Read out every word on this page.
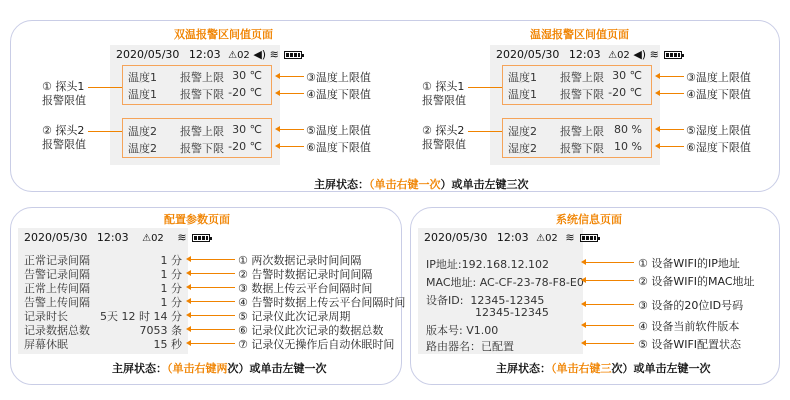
双温报警区间值页面	温湿报警区间值页面
2020/05/30 12:03 ⚠02 ◀) ≋
温度1 报警上限 30 ℃
温度1 报警下限 -20 ℃
温度2 报警上限 30 ℃
温度2 报警下限 -20 ℃
① 探头1
报警限值
② 探头2
报警限值
③温度上限值
④温度下限值
⑤温度上限值
⑥温度下限值
2020/05/30 12:03 ⚠02 ◀) ≋
温度1 报警上限 30 ℃
温度1 报警下限 -20 ℃
湿度2 报警上限 80 %
湿度2 报警下限 10 %
① 探头1
报警限值
② 探头2
报警限值
③温度上限值
④温度下限值
⑤湿度上限值
⑥湿度下限值
主屏状态：（单击右键一次）或单击左键三次
配置参数页面
2020/05/30 12:03 ⚠02 ≋
正常记录间隔	1 分
告警记录间隔	1 分
正常上传间隔	1 分
告警上传间隔	1 分
记录时长	5天 12 时 14 分
记录数据总数	7053 条
屏幕休眠	15 秒
① 两次数据记录时间间隔
② 告警时数据记录时间间隔
③ 数据上传云平台间隔时间
④ 告警时数据上传云平台间隔时间
⑤ 记录仪此次记录周期
⑥ 记录仪此次记录的数据总数
⑦ 记录仪无操作后自动休眠时间
主屏状态：（单击右键两次）或单击左键一次
系统信息页面
2020/05/30 12:03 ⚠02 ≋
IP地址:192.168.12.102
MAC地址: AC-CF-23-78-F8-E0
设备ID:  12345-12345
12345-12345
版本号: V1.00
路由器名：已配置
① 设备WIFI的IP地址
② 设备WIFI的MAC地址
③ 设备的20位ID号码
④ 设备当前软件版本
⑤ 设备WIFI配置状态
主屏状态：（单击右键三次）或单击左键一次
